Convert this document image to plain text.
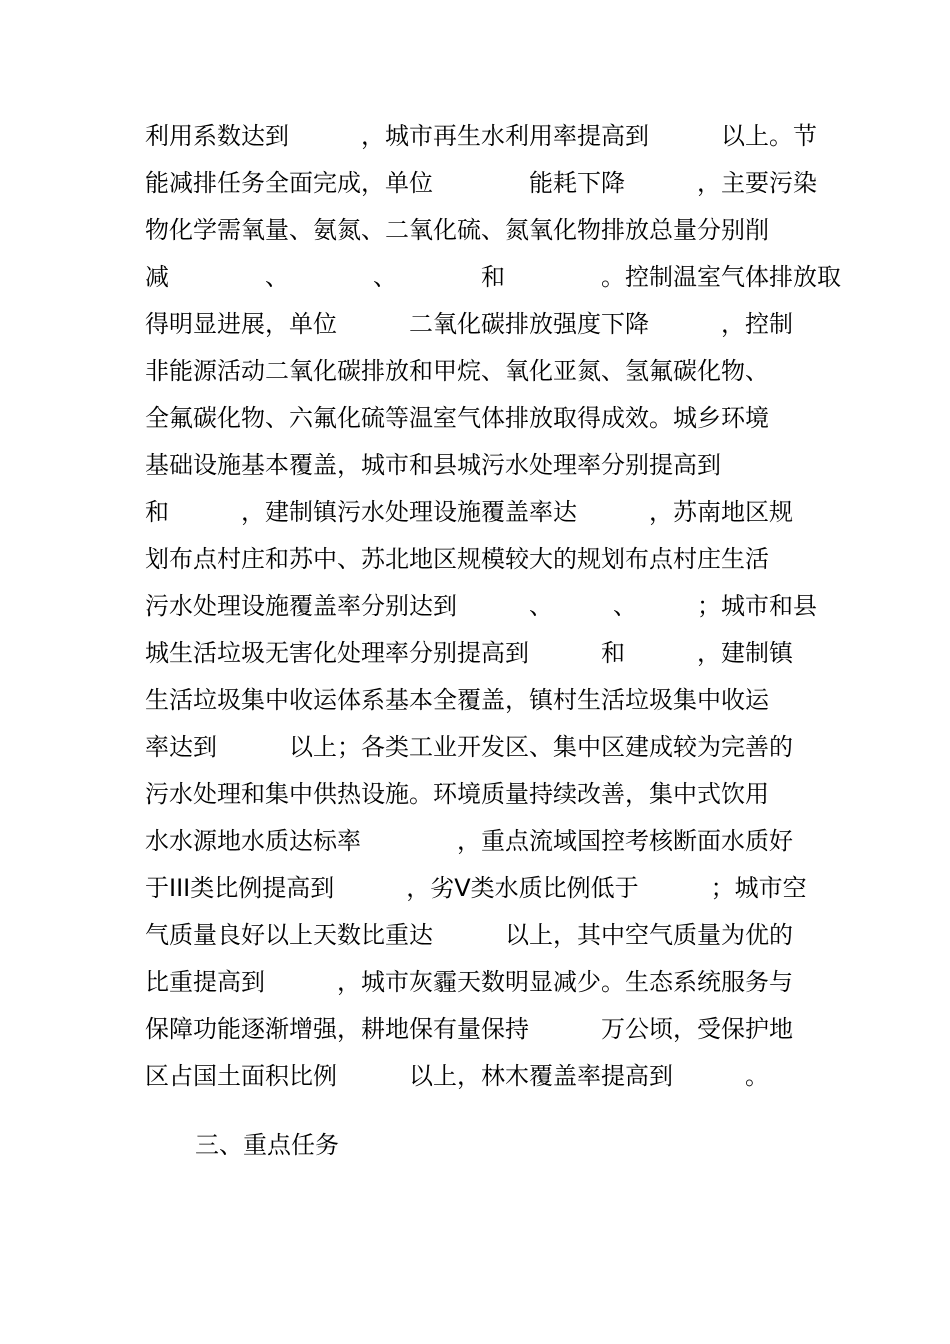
利用系数达到　　　，城市再生水利用率提高到　　　以上。节
能减排任务全面完成，单位　　　　能耗下降　　　，主要污染
物化学需氧量、氨氮、二氧化硫、氮氧化物排放总量分别削
减　　　　、　　　　、　　　　和　　　　。控制温室气体排放取
得明显进展，单位　　　二氧化碳排放强度下降　　　，控制
非能源活动二氧化碳排放和甲烷、氧化亚氮、氢氟碳化物、
全氟碳化物、六氟化硫等温室气体排放取得成效。城乡环境
基础设施基本覆盖，城市和县城污水处理率分别提高到
和　　　，建制镇污水处理设施覆盖率达　　　，苏南地区规
划布点村庄和苏中、苏北地区规模较大的规划布点村庄生活
污水处理设施覆盖率分别达到　　　、　　　、　　　；城市和县
城生活垃圾无害化处理率分别提高到　　　和　　　，建制镇
生活垃圾集中收运体系基本全覆盖，镇村生活垃圾集中收运
率达到　　　以上；各类工业开发区、集中区建成较为完善的
污水处理和集中供热设施。环境质量持续改善，集中式饮用
水水源地水质达标率　　　　，重点流域国控考核断面水质好
于III类比例提高到　　　，劣V类水质比例低于　　　；城市空
气质量良好以上天数比重达　　　以上，其中空气质量为优的
比重提高到　　　，城市灰霾天数明显减少。生态系统服务与
保障功能逐渐增强，耕地保有量保持　　　万公顷，受保护地
区占国土面积比例　　　以上，林木覆盖率提高到　　　。
三、重点任务
